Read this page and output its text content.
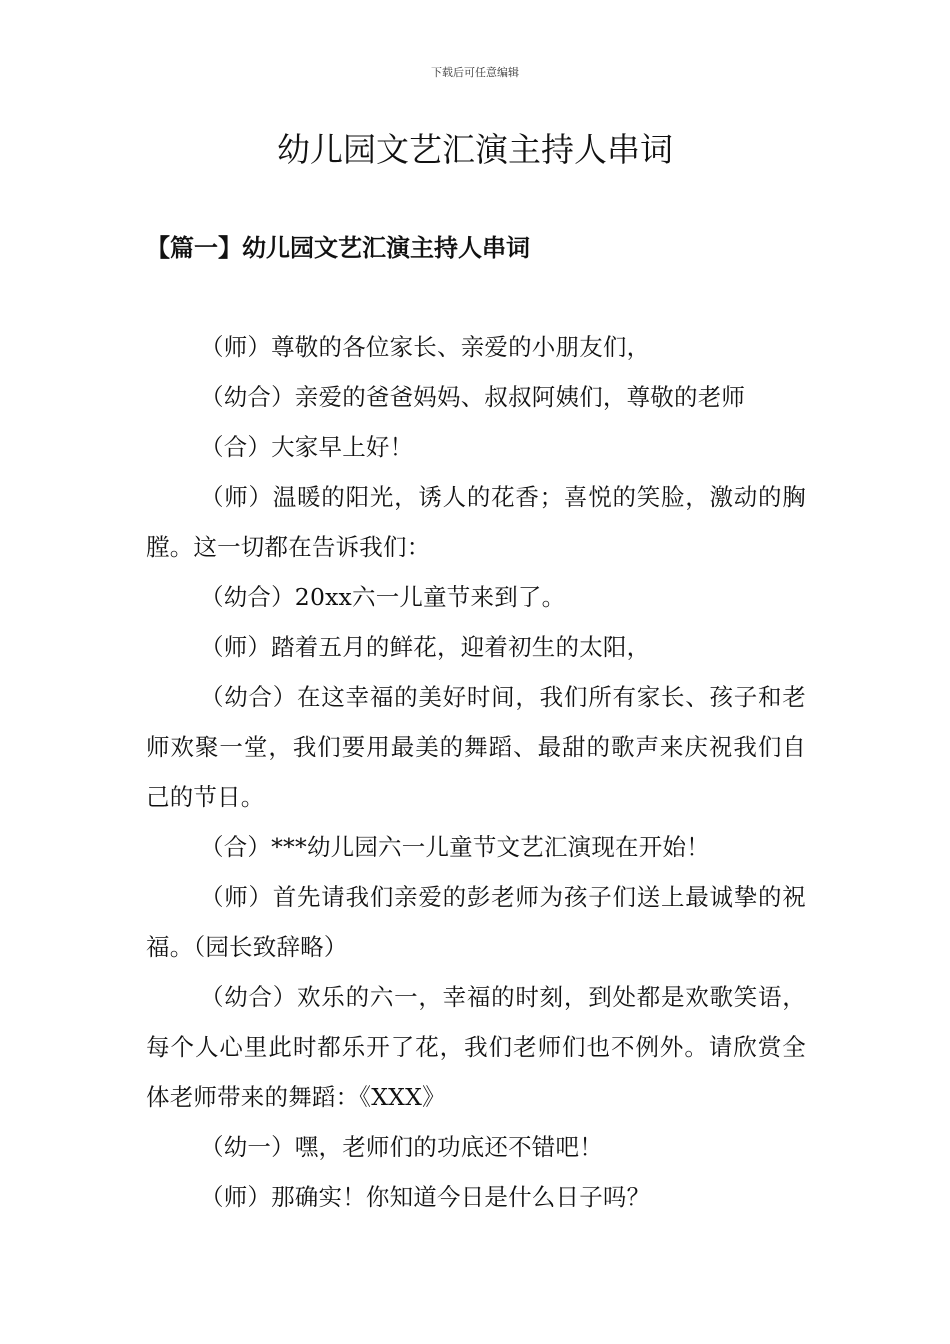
下载后可任意编辑
幼儿园文艺汇演主持人串词
【篇一】幼儿园文艺汇演主持人串词

（师）尊敬的各位家长、亲爱的小朋友们，

（幼合）亲爱的爸爸妈妈、叔叔阿姨们，尊敬的老师

（合）大家早上好！

（师）温暖的阳光，诱人的花香；喜悦的笑脸，激动的胸膛。这一切都在告诉我们：

（幼合）20xx六一儿童节来到了。

（师）踏着五月的鲜花，迎着初生的太阳，

（幼合）在这幸福的美好时间，我们所有家长、孩子和老师欢聚一堂，我们要用最美的舞蹈、最甜的歌声来庆祝我们自己的节日。

（合）***幼儿园六一儿童节文艺汇演现在开始！

（师）首先请我们亲爱的彭老师为孩子们送上最诚挚的祝福。（园长致辞略）

（幼合）欢乐的六一，幸福的时刻，到处都是欢歌笑语，每个人心里此时都乐开了花，我们老师们也不例外。请欣赏全体老师带来的舞蹈：《XXX》

（幼一）嘿，老师们的功底还不错吧！

（师）那确实！你知道今日是什么日子吗？
